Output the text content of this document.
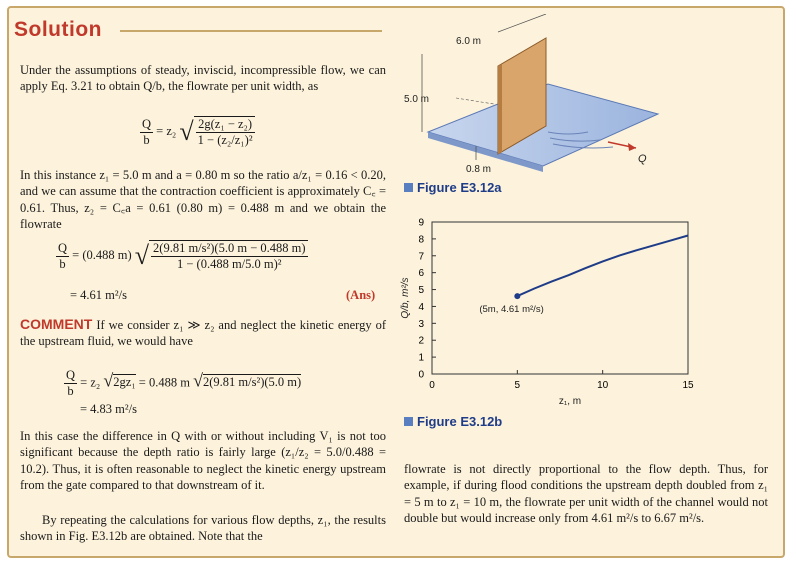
Solution
Under the assumptions of steady, inviscid, incompressible flow, we can apply Eq. 3.21 to obtain Q/b, the flowrate per unit width, as
$\frac{Q}{b} = z_2$ √ $\frac{\text{2g(z₁ − z₂)}}{\text{1 − (z₂/z₁)²}}$
In this instance z₁ = 5.0 m and a = 0.80 m so the ratio a/z₁ = 0.16 < 0.20, and we can assume that the contraction coefficient is approximately C꜀ = 0.61. Thus, z₂ = C꜀a = 0.61 (0.80 m) = 0.488 m and we obtain the flowrate
$\frac{Q}{b} = (0.488$ m) √ $\frac{\text{2(9.81 m/s²)(5.0 m − 0.488 m)}}{\text{1 − (0.488 m/5.0 m)²}}$
= 4.61 m²/s	(Ans)
COMMENT If we consider z₁ ≫ z₂ and neglect the kinetic energy of the upstream fluid, we would have
$\frac{Q}{b} = z_2$ √2gz₁ = 0.488 m √2(9.81 m/s²)(5.0 m)
= 4.83 m²/s
In this case the difference in Q with or without including V₁ is not too significant because the depth ratio is fairly large (z₁/z₂ = 5.0/0.488 = 10.2). Thus, it is often reasonable to neglect the kinetic energy upstream from the gate compared to that downstream of it.
By repeating the calculations for various flow depths, z₁, the results shown in Fig. E3.12b are obtained. Note that the
flowrate is not directly proportional to the flow depth. Thus, for example, if during flood conditions the upstream depth doubled from z₁ = 5 m to z₁ = 10 m, the flowrate per unit width of the channel would not double but would increase only from 4.61 m²/s to 6.67 m²/s.
6.0 m
5.0 m
0.8 m
Q
Figure E3.12a
0
1
2
3
4
5
6
7
8
9
0	5	10	15
(5m, 4.61 m²/s)
z₁, m
Q/b, m²/s
Figure E3.12b
